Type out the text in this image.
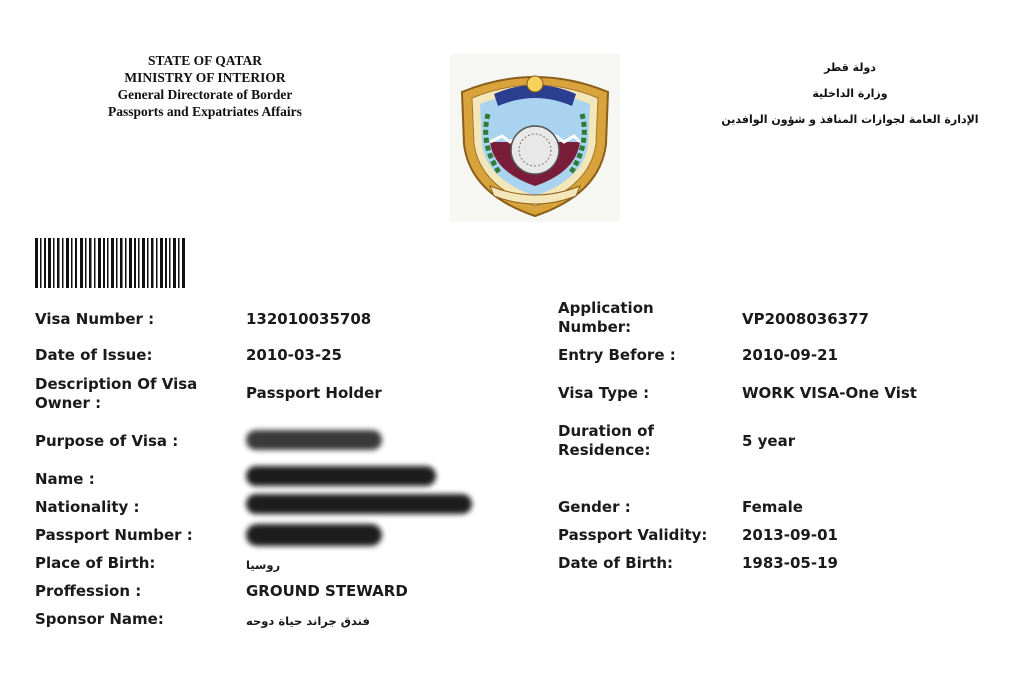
STATE OF QATAR
MINISTRY OF INTERIOR
General Directorate of Border
Passports and Expatriates Affairs
دولة قطر
وزارة الداخلية
الإدارة العامة لجوازات المنافذ و شؤون الوافدين
Visa Number :
Date of Issue:
Description Of Visa Owner :
Purpose of Visa :
Name :
Nationality :
Passport Number :
Place of Birth:
Proffession :
Sponsor Name:
132010035708
2010-03-25
Passport Holder
روسيا
GROUND STEWARD
فندق جراند حياة دوحه
Application Number:
Entry Before :
Visa Type :
Duration of Residence:
Gender :
Passport Validity:
Date of Birth:
VP2008036377
2010-09-21
WORK VISA-One Vist
5 year
Female
2013-09-01
1983-05-19
